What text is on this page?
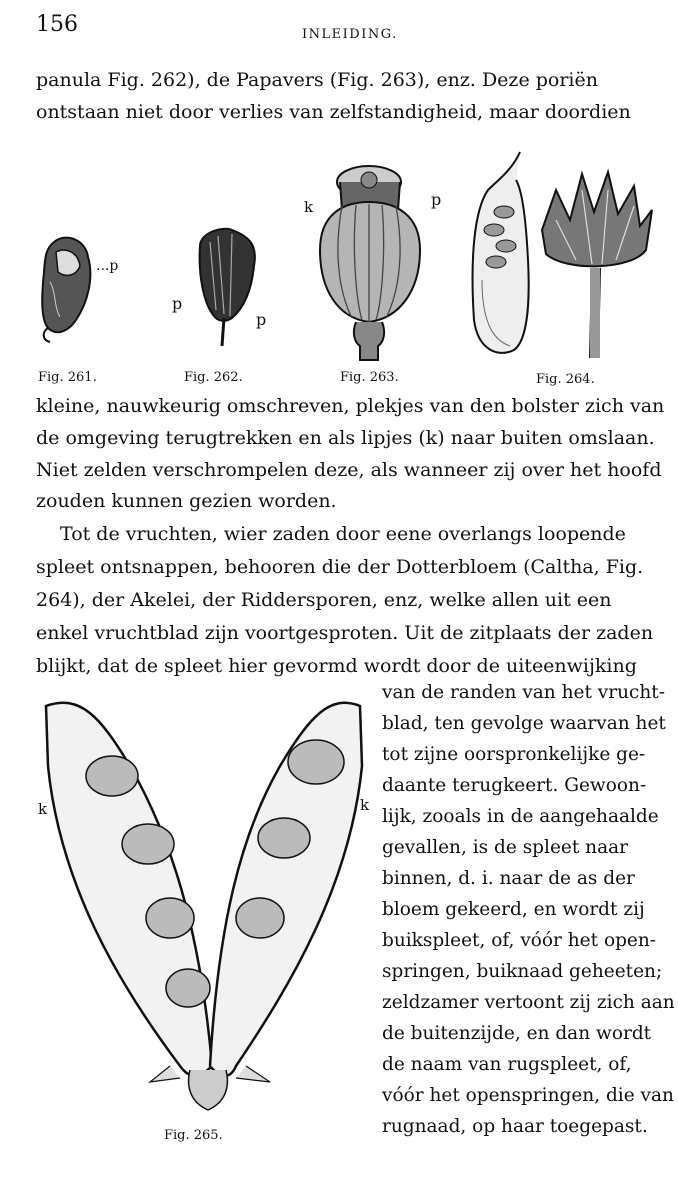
156	INLEIDING.
panula Fig. 262), de Papavers (Fig. 263), enz. Deze poriën
ontstaan niet door verlies van zelfstandigheid, maar doordien
...p
Fig. 261.
p
p
Fig. 262.
k	p
Fig. 263.	Fig. 264.
kleine, nauwkeurig omschreven, plekjes van den bolster zich van
de omgeving terugtrekken en als lipjes (k) naar buiten omslaan.
Niet zelden verschrompelen deze, als wanneer zij over het hoofd
zouden kunnen gezien worden.
Tot de vruchten, wier zaden door eene overlangs loopende
spleet ontsnappen, behooren die der Dotterbloem (Caltha, Fig.
264), der Akelei, der Riddersporen, enz, welke allen uit een
enkel vruchtblad zijn voortgesproten. Uit de zitplaats der zaden
blijkt, dat de spleet hier gevormd wordt door de uiteenwijking
k	k
Fig. 265.
van de randen van het vrucht-
blad, ten gevolge waarvan het
tot zijne oorspronkelijke ge-
daante terugkeert. Gewoon-
lijk, zooals in de aangehaalde
gevallen, is de spleet naar
binnen, d. i. naar de as der
bloem gekeerd, en wordt zij
buikspleet, of, vóór het open-
springen, buiknaad geheeten;
zeldzamer vertoont zij zich aan
de buitenzijde, en dan wordt
de naam van rugspleet, of,
vóór het openspringen, die van
rugnaad, op haar toegepast.
